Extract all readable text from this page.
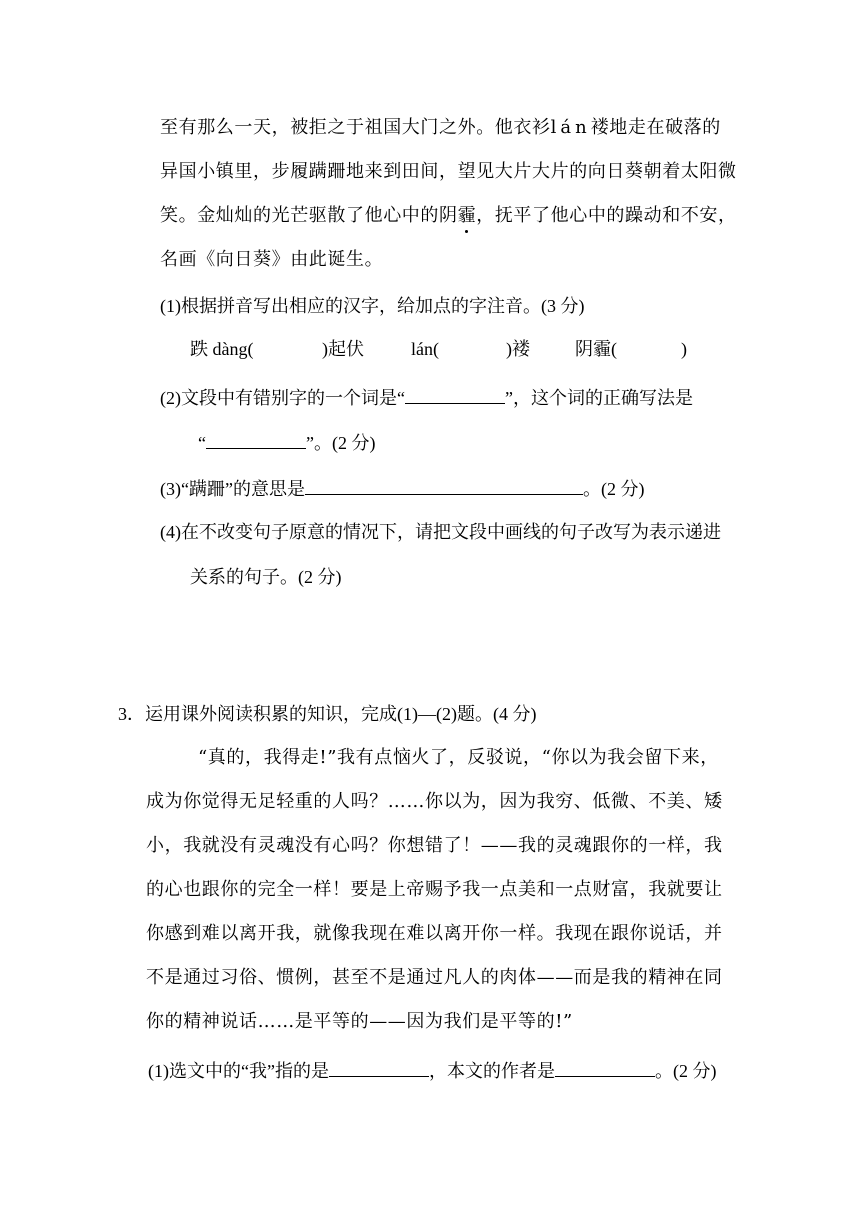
至有那么一天，被拒之于祖国大门之外。他衣衫lán褛地走在破落的
异国小镇里，步履蹒跚地来到田间，望见大片大片的向日葵朝着太阳微
笑。金灿灿的光芒驱散了他心中的阴霾，抚平了他心中的躁动和不安，
名画《向日葵》由此诞生。
(1)根据拼音写出相应的汉字，给加点的字注音。(3 分)
跌 dàng(	)起伏	lán(	)褛	阴霾(	)
(2)文段中有错别字的一个词是“	”，这个词的正确写法是
“	”。(2 分)
(3)“蹒跚”的意思是	。(2 分)
(4)在不改变句子原意的情况下，请把文段中画线的句子改写为表示递进
关系的句子。(2 分)
3．运用课外阅读积累的知识，完成(1)—(2)题。(4 分)
“真的，我得走!”我有点恼火了，反驳说，“你以为我会留下来，
成为你觉得无足轻重的人吗？……你以为，因为我穷、低微、不美、矮
小，我就没有灵魂没有心吗？你想错了！——我的灵魂跟你的一样，我
的心也跟你的完全一样！要是上帝赐予我一点美和一点财富，我就要让
你感到难以离开我，就像我现在难以离开你一样。我现在跟你说话，并
不是通过习俗、惯例，甚至不是通过凡人的肉体——而是我的精神在同
你的精神说话……是平等的——因为我们是平等的!”
(1)选文中的“我”指的是	，本文的作者是	。(2 分)
